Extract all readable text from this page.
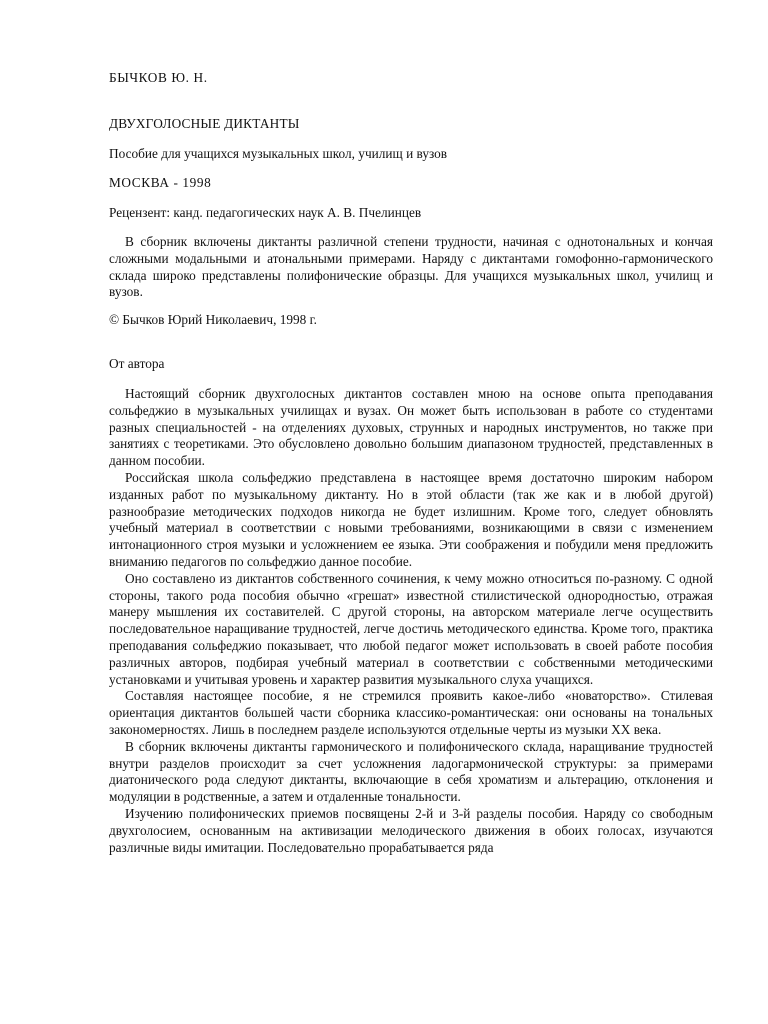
БЫЧКОВ Ю. Н.
ДВУХГОЛОСНЫЕ ДИКТАНТЫ
Пособие для учащихся музыкальных школ, училищ и вузов
МОСКВА - 1998
Рецензент: канд. педагогических наук А. В. Пчелинцев

В сборник включены диктанты различной степени трудности, начиная с однотональных и кончая сложными модальными и атональными примерами. Наряду с диктантами гомофонно-гармонического склада широко представлены полифонические образцы. Для учащихся музыкальных школ, училищ и вузов.

© Бычков Юрий Николаевич, 1998 г.
От автора

Настоящий сборник двухголосных диктантов составлен мною на основе опыта преподавания сольфеджио в музыкальных училищах и вузах. Он может быть использован в работе со студентами разных специальностей - на отделениях духовых, струнных и народных инструментов, но также при занятиях с теоретиками. Это обусловлено довольно большим диапазоном трудностей, представленных в данном пособии.

Российская школа сольфеджио представлена в настоящее время достаточно широким набором изданных работ по музыкальному диктанту. Но в этой области (так же как и в любой другой) разнообразие методических подходов никогда не будет излишним. Кроме того, следует обновлять учебный материал в соответствии с новыми требованиями, возникающими в связи с изменением интонационного строя музыки и усложнением ее языка. Эти соображения и побудили меня предложить вниманию педагогов по сольфеджио данное пособие.

Оно составлено из диктантов собственного сочинения, к чему можно относиться по-разному. С одной стороны, такого рода пособия обычно «грешат» известной стилистической однородностью, отражая манеру мышления их составителей. С другой стороны, на авторском материале легче осуществить последовательное наращивание трудностей, легче достичь методического единства. Кроме того, практика преподавания сольфеджио показывает, что любой педагог может использовать в своей работе пособия различных авторов, подбирая учебный материал в соответствии с собственными методическими установками и учитывая уровень и характер развития музыкального слуха учащихся.

Составляя настоящее пособие, я не стремился проявить какое-либо «новаторство». Стилевая ориентация диктантов большей части сборника классико-романтическая: они основаны на тональных закономерностях. Лишь в последнем разделе используются отдельные черты из музыки XX века.

В сборник включены диктанты гармонического и полифонического склада, наращивание трудностей внутри разделов происходит за счет усложнения ладогармонической структуры: за примерами диатонического рода следуют диктанты, включающие в себя хроматизм и альтерацию, отклонения и модуляции в родственные, а затем и отдаленные тональности.

Изучению полифонических приемов посвящены 2-й и 3-й разделы пособия. Наряду со свободным двухголосием, основанным на активизации мелодического движения в обоих голосах, изучаются различные виды имитации. Последовательно прорабатывается ряда
